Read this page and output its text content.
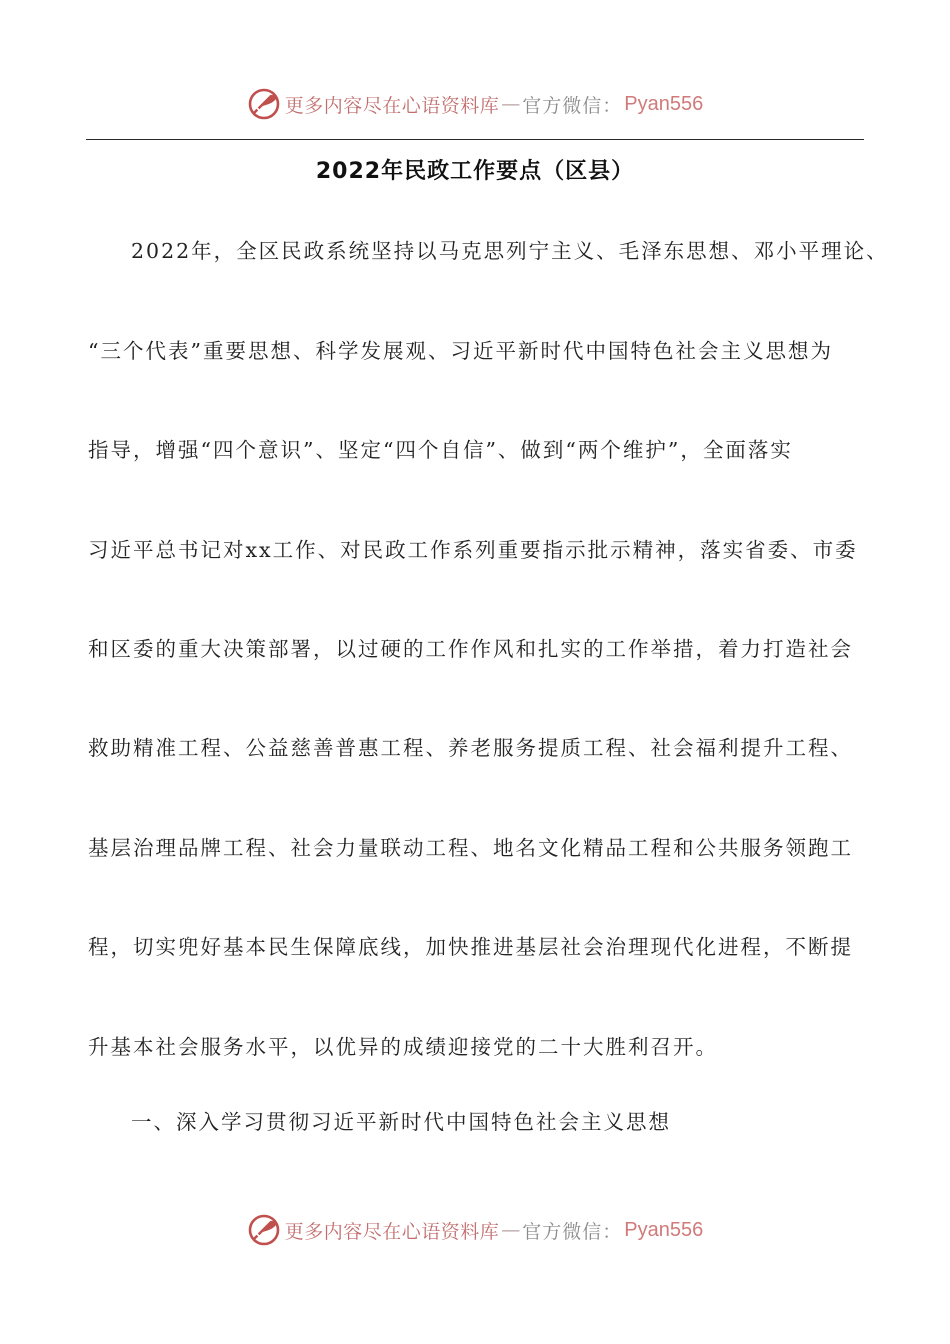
更多内容尽在心语资料库 — 官方微信： Pyan556
2022年民政工作要点（区县）
2022年，全区民政系统坚持以马克思列宁主义、毛泽东思想、邓小平理论、
“三个代表”重要思想、科学发展观、习近平新时代中国特色社会主义思想为
指导，增强“四个意识”、坚定“四个自信”、做到“两个维护”，全面落实
习近平总书记对xx工作、对民政工作系列重要指示批示精神，落实省委、市委
和区委的重大决策部署，以过硬的工作作风和扎实的工作举措，着力打造社会
救助精准工程、公益慈善普惠工程、养老服务提质工程、社会福利提升工程、
基层治理品牌工程、社会力量联动工程、地名文化精品工程和公共服务领跑工
程，切实兜好基本民生保障底线，加快推进基层社会治理现代化进程，不断提
升基本社会服务水平，以优异的成绩迎接党的二十大胜利召开。
一、深入学习贯彻习近平新时代中国特色社会主义思想
更多内容尽在心语资料库 — 官方微信： Pyan556
